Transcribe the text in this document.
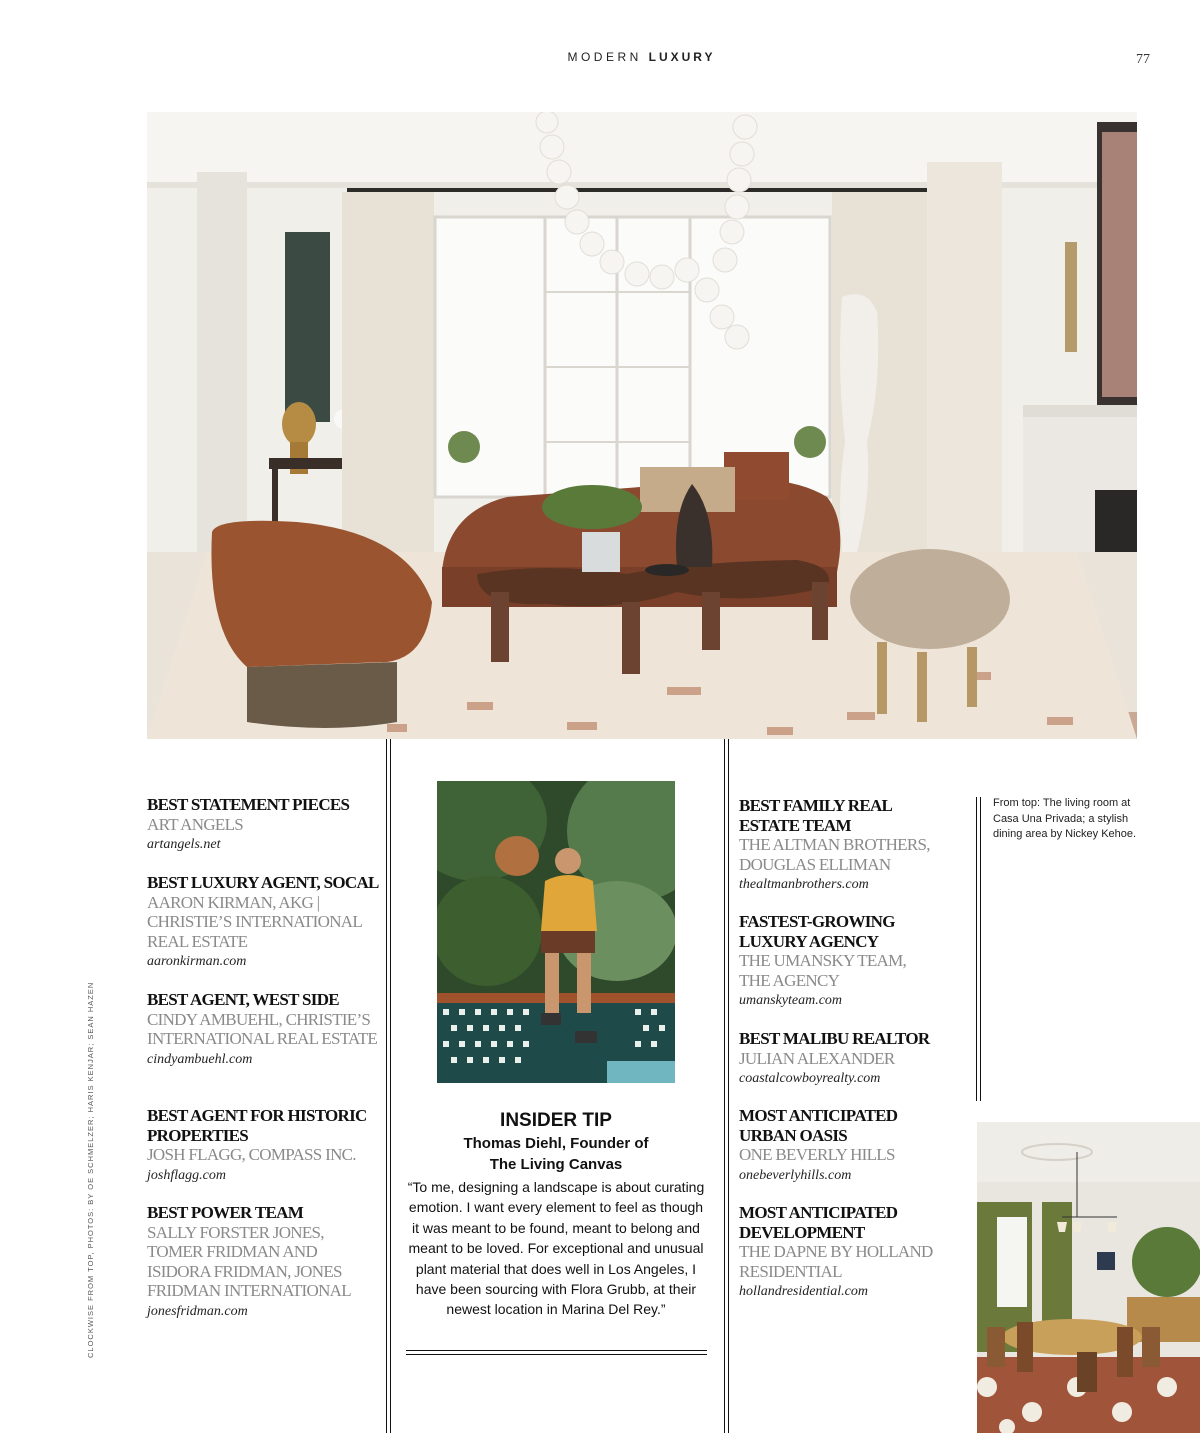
MODERN LUXURY	77
BEST STATEMENT PIECES
ART ANGELS
artangels.net
BEST LUXURY AGENT, SOCAL
AARON KIRMAN, AKG | CHRISTIE’S INTERNATIONAL REAL ESTATE
aaronkirman.com
BEST AGENT, WEST SIDE
CINDY AMBUEHL, CHRISTIE’S INTERNATIONAL REAL ESTATE
cindyambuehl.com
BEST AGENT FOR HISTORIC PROPERTIES
JOSH FLAGG, COMPASS INC.
joshflagg.com
BEST POWER TEAM
SALLY FORSTER JONES, TOMER FRIDMAN AND ISIDORA FRIDMAN, JONES FRIDMAN INTERNATIONAL
jonesfridman.com
INSIDER TIP
Thomas Diehl, Founder of The Living Canvas
“To me, designing a landscape is about curating emotion. I want every element to feel as though it was meant to be found, meant to belong and meant to be loved. For exceptional and unusual plant material that does well in Los Angeles, I have been sourcing with Flora Grubb, at their newest location in Marina Del Rey.”
BEST FAMILY REAL ESTATE TEAM
THE ALTMAN BROTHERS, DOUGLAS ELLIMAN
thealtmanbrothers.com
FASTEST-GROWING LUXURY AGENCY
THE UMANSKY TEAM, THE AGENCY
umanskyteam.com
BEST MALIBU REALTOR
JULIAN ALEXANDER
coastalcowboyrealty.com
MOST ANTICIPATED URBAN OASIS
ONE BEVERLY HILLS
onebeverlyhills.com
MOST ANTICIPATED DEVELOPMENT
THE DAPNE BY HOLLAND RESIDENTIAL
hollandresidential.com
From top: The living room at Casa Una Privada; a stylish dining area by Nickey Kehoe.
CLOCKWISE FROM TOP, PHOTOS: BY OE SCHMELZER; HARIS KENJAR; SEAN HAZEN
